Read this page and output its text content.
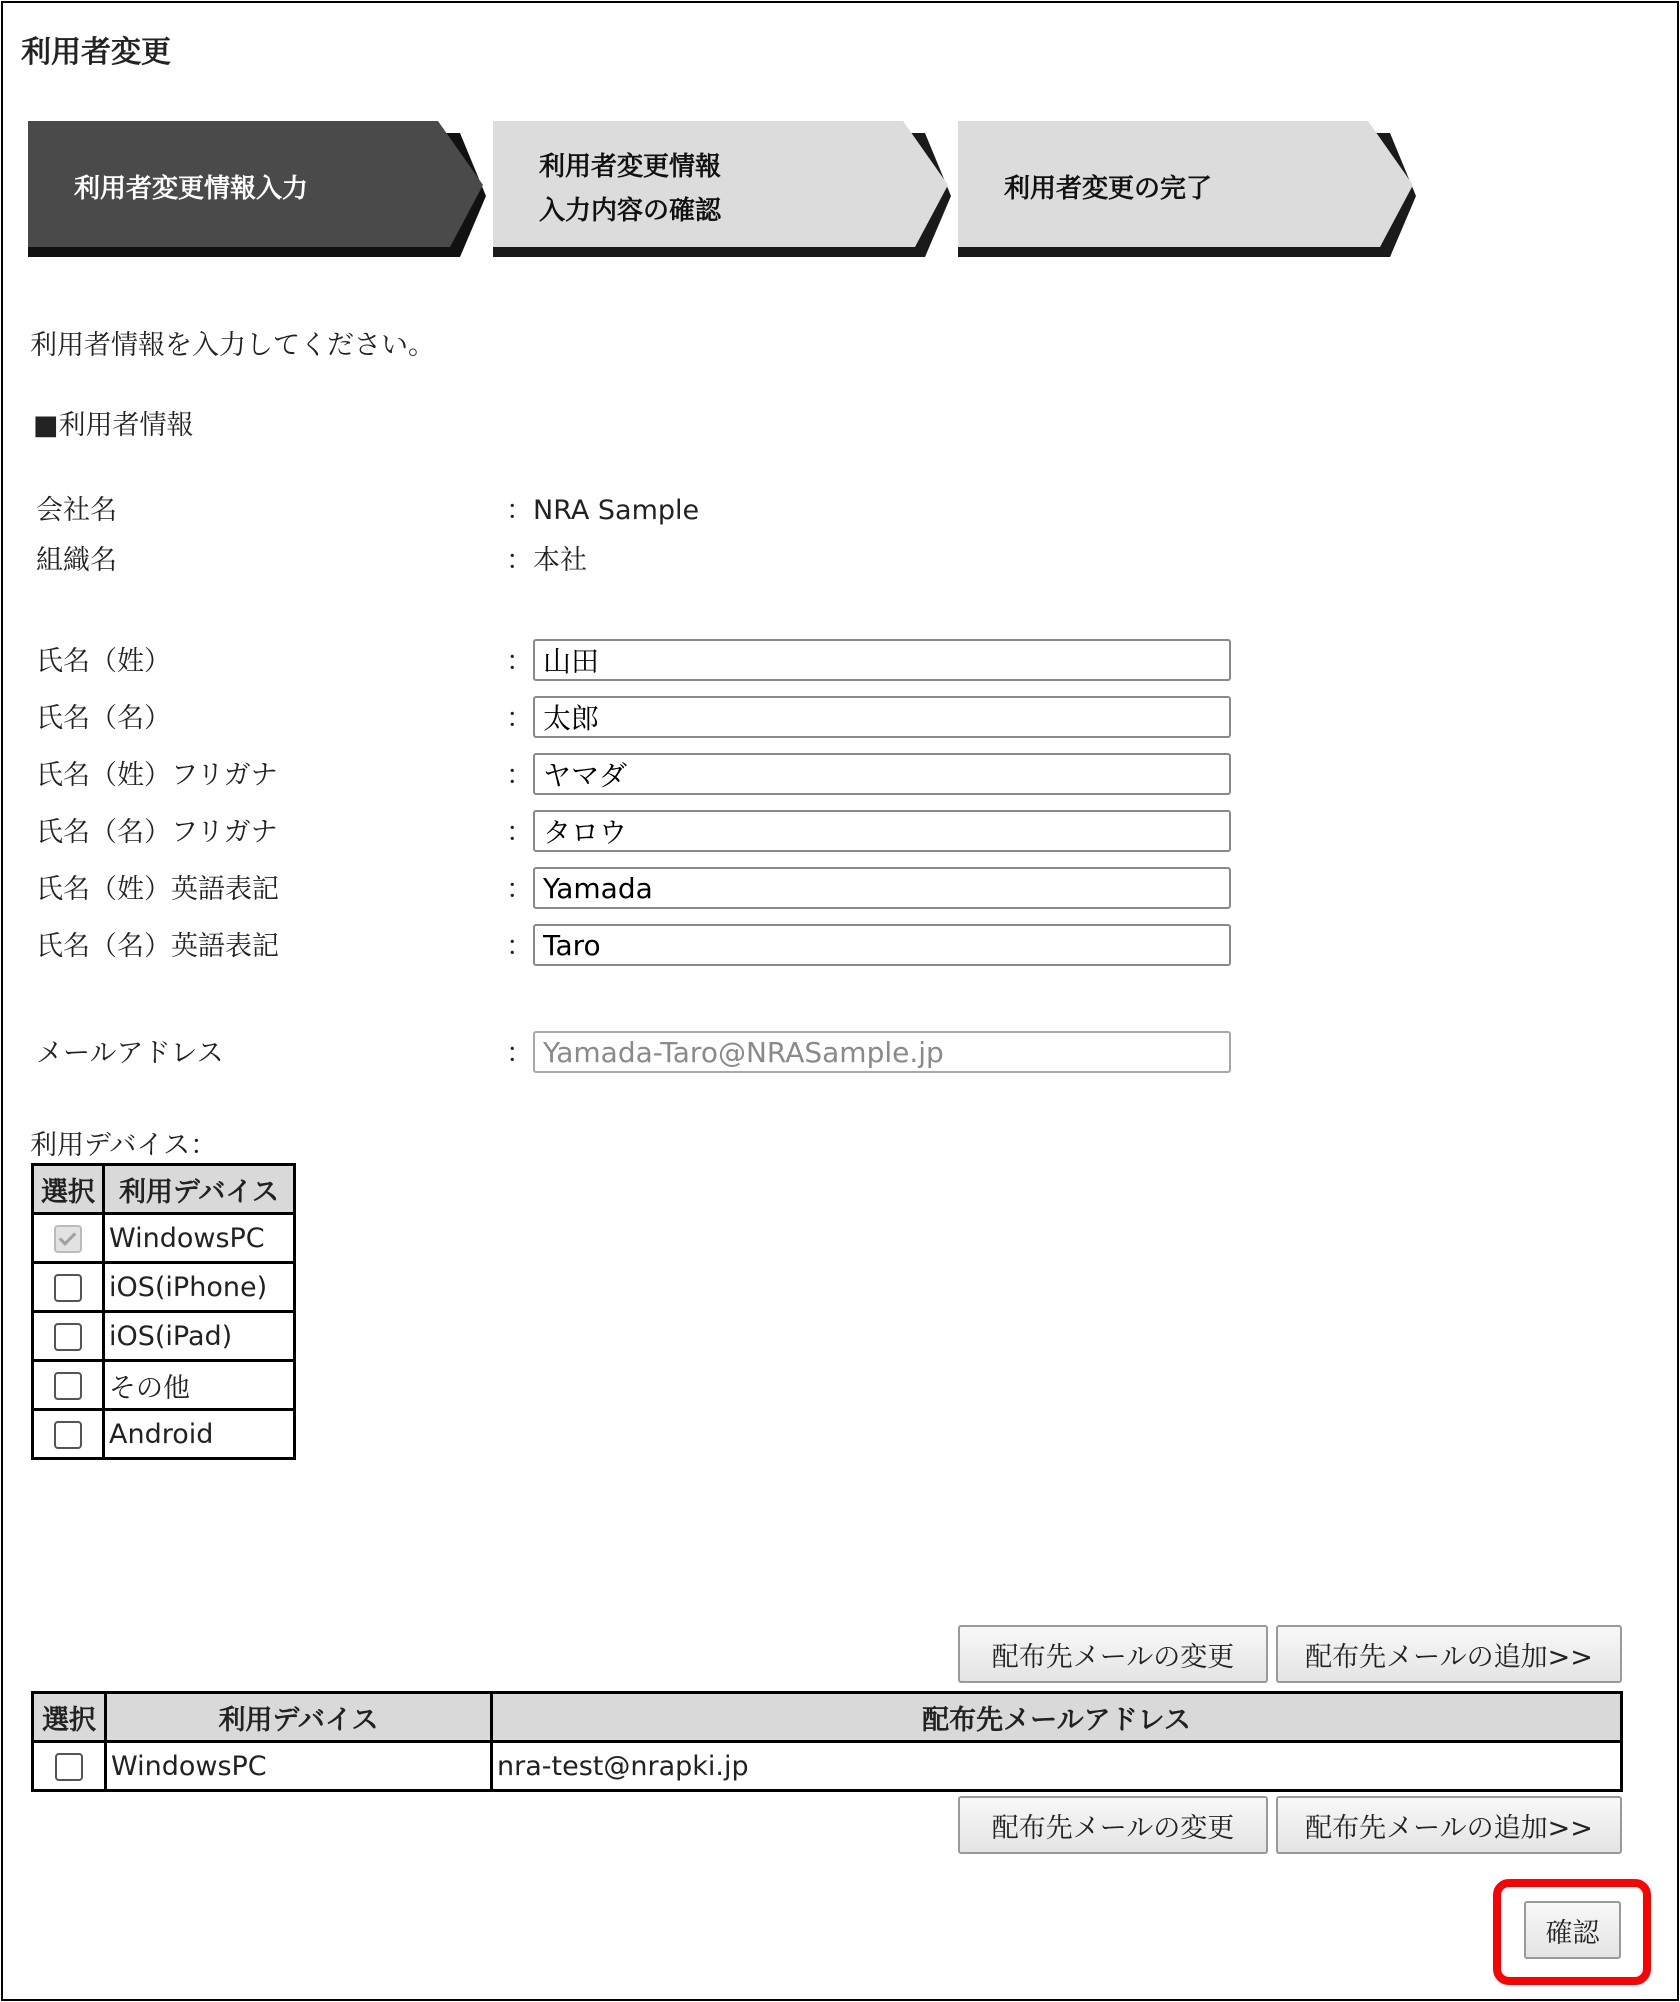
利用者変更
利用者変更情報入力
利用者変更情報
入力内容の確認
利用者変更の完了
利用者情報を入力してください。
■利用者情報
会社名	： NRA Sample
組織名	： 本社
氏名（姓）	：
山田
氏名（名）	：
太郎
氏名（姓）フリガナ	：
ヤマダ
氏名（名）フリガナ	：
タロウ
氏名（姓）英語表記	：
Yamada
氏名（名）英語表記	：
Taro
メールアドレス	：
Yamada-Taro@NRASample.jp
利用デバイス：
選択	利用デバイス
	WindowsPC
	iOS(iPhone)
	iOS(iPad)
	その他
	Android
配布先メールの変更	配布先メールの追加>>
選択	利用デバイス	配布先メールアドレス
	WindowsPC	nra-test@nrapki.jp
配布先メールの変更	配布先メールの追加>>
確認
